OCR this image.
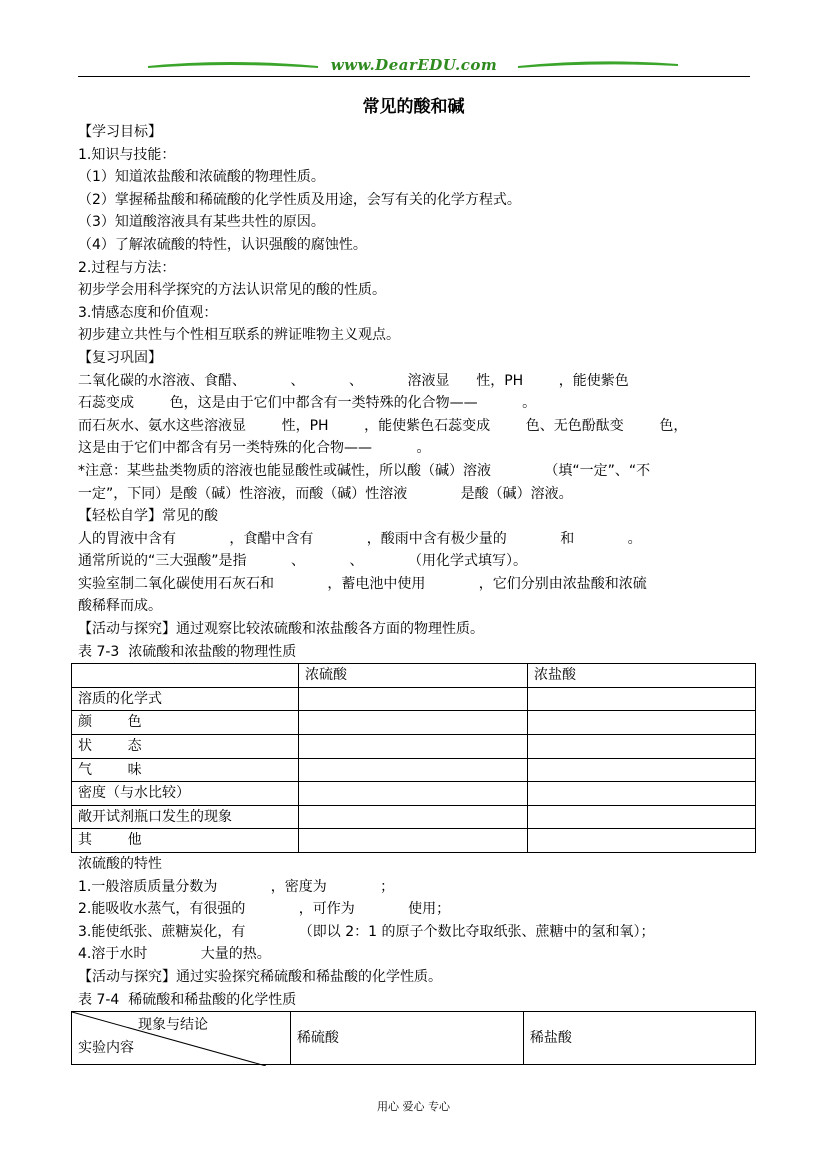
www.DearEDU.com
常见的酸和碱

【学习目标】

1.知识与技能：

（1）知道浓盐酸和浓硫酸的物理性质。

（2）掌握稀盐酸和稀硫酸的化学性质及用途，会写有关的化学方程式。

（3）知道酸溶液具有某些共性的原因。

（4）了解浓硫酸的特性，认识强酸的腐蚀性。

2.过程与方法：

初步学会用科学探究的方法认识常见的酸的性质。

3.情感态度和价值观：

初步建立共性与个性相互联系的辨证唯物主义观点。

【复习巩固】

二氧化碳的水溶液、食醋、          、          、          溶液显      性，PH        ，能使紫色

石蕊变成        色，这是由于它们中都含有一类特殊的化合物——          。

而石灰水、氨水这些溶液显        性，PH        ，能使紫色石蕊变成        色、无色酚酞变        色，

这是由于它们中都含有另一类特殊的化合物——          。

*注意：某些盐类物质的溶液也能显酸性或碱性，所以酸（碱）溶液            （填“一定”、“不

一定”，下同）是酸（碱）性溶液，而酸（碱）性溶液            是酸（碱）溶液。

【轻松自学】常见的酸

人的胃液中含有            ，食醋中含有            ，酸雨中含有极少量的            和            。

通常所说的“三大强酸”是指          、          、          （用化学式填写）。

实验室制二氧化碳使用石灰石和            ，蓄电池中使用            ，它们分别由浓盐酸和浓硫

酸稀释而成。

【活动与探究】通过观察比较浓硫酸和浓盐酸各方面的物理性质。

表 7-3  浓硫酸和浓盐酸的物理性质

	浓硫酸	浓盐酸
溶质的化学式		
颜        色		
状        态		
气        味		
密度（与水比较）		
敞开试剂瓶口发生的现象		
其        他		

浓硫酸的特性

1.一般溶质质量分数为            ，密度为            ；

2.能吸收水蒸气，有很强的            ，可作为            使用；

3.能使纸张、蔗糖炭化，有            （即以 2：1 的原子个数比夺取纸张、蔗糖中的氢和氧）；

4.溶于水时            大量的热。

【活动与探究】通过实验探究稀硫酸和稀盐酸的化学性质。

表 7-4  稀硫酸和稀盐酸的化学性质

现象与结论
实验内容
	稀硫酸	稀盐酸
用心 爱心 专心
